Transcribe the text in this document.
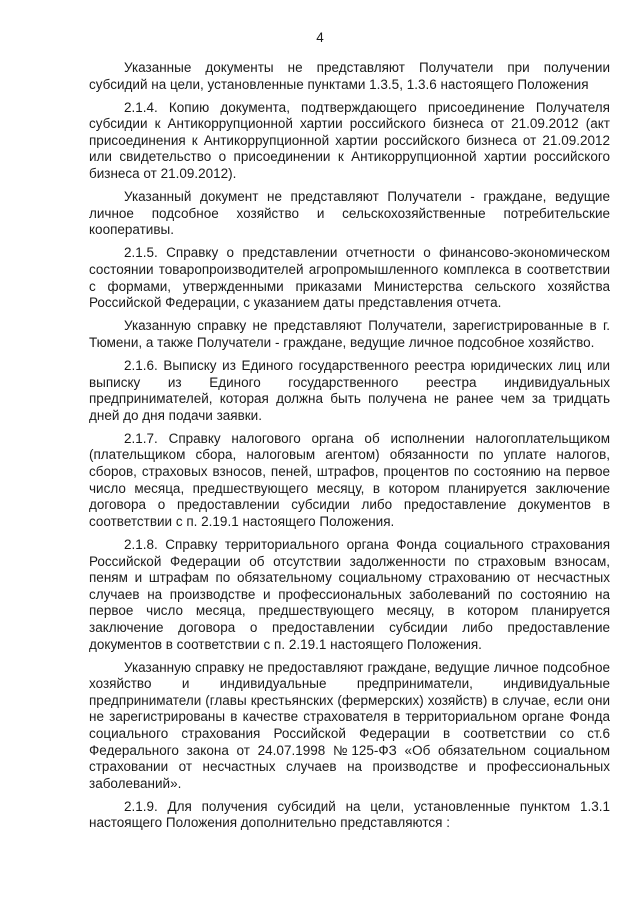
4

Указанные документы не представляют Получатели при получении субсидий на цели, установленные пунктами 1.3.5, 1.3.6 настоящего Положения

2.1.4. Копию документа, подтверждающего присоединение Получателя субсидии к Антикоррупционной хартии российского бизнеса от 21.09.2012 (акт присоединения к Антикоррупционной хартии российского бизнеса от 21.09.2012 или свидетельство о присоединении к Антикоррупционной хартии российского бизнеса от 21.09.2012).

Указанный документ не представляют Получатели - граждане, ведущие личное подсобное хозяйство и сельскохозяйственные потребительские кооперативы.

2.1.5. Справку о представлении отчетности о финансово-экономическом состоянии товаропроизводителей агропромышленного комплекса в соответствии с формами, утвержденными приказами Министерства сельского хозяйства Российской Федерации, с указанием даты представления отчета.

Указанную справку не представляют Получатели, зарегистрированные в г. Тюмени, а также Получатели - граждане, ведущие личное подсобное хозяйство.

2.1.6. Выписку из Единого государственного реестра юридических лиц или выписку из Единого государственного реестра индивидуальных предпринимателей, которая должна быть получена не ранее чем за тридцать дней до дня подачи заявки.

2.1.7. Справку налогового органа об исполнении налогоплательщиком (плательщиком сбора, налоговым агентом) обязанности по уплате налогов, сборов, страховых взносов, пеней, штрафов, процентов по состоянию на первое число месяца, предшествующего месяцу, в котором планируется заключение договора о предоставлении субсидии либо предоставление документов в соответствии с п. 2.19.1 настоящего Положения.

2.1.8. Справку территориального органа Фонда социального страхования Российской Федерации об отсутствии задолженности по страховым взносам, пеням и штрафам по обязательному социальному страхованию от несчастных случаев на производстве и профессиональных заболеваний по состоянию на первое число месяца, предшествующего месяцу, в котором планируется заключение договора о предоставлении субсидии либо предоставление документов в соответствии с п. 2.19.1 настоящего Положения.

Указанную справку не предоставляют граждане, ведущие личное подсобное хозяйство и индивидуальные предприниматели, индивидуальные предприниматели (главы крестьянских (фермерских) хозяйств) в случае, если они не зарегистрированы в качестве страхователя в территориальном органе Фонда социального страхования Российской Федерации в соответствии со ст.6 Федерального закона от 24.07.1998 №125-ФЗ «Об обязательном социальном страховании от несчастных случаев на производстве и профессиональных заболеваний».

2.1.9. Для получения субсидий на цели, установленные пунктом 1.3.1 настоящего Положения дополнительно представляются :
